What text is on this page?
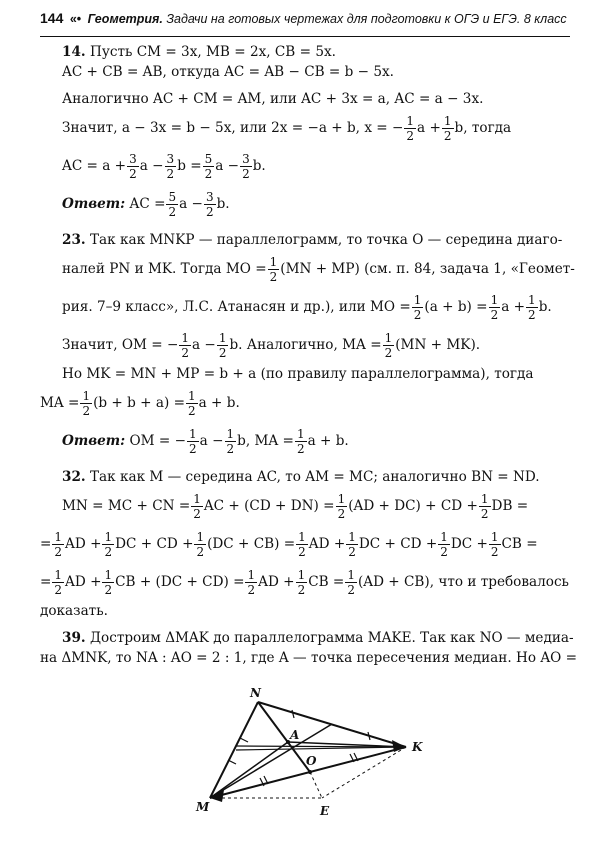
144 «• Геометрия. Задачи на готовых чертежах для подготовки к ОГЭ и ЕГЭ. 8 класс
14. Пусть CM = 3x, MB = 2x, CB = 5x.
AC + CB = AB, откуда AC = AB − CB = b − 5x.
Аналогично AC + CM = AM, или AC + 3x = a, AC = a − 3x.
Значит, a − 3x = b − 5x, или 2x = −a + b, x = − $\frac{1}{2}$ $a + \frac{1}{2} b$, тогда
AC = $a + \frac{3}{2}$ $a - \frac{3}{2}$ $b = \frac{5}{2}$ $a - \frac{3}{2} b$.
Ответ: AC = $\frac{5}{2}$ $a - \frac{3}{2} b$.
23. Так как MNKP — параллелограмм, то точка O — середина диаго-
налей PN и MK. Тогда MO = $\frac{1}{2} (MN + MP)$ (см. п. 84, задача 1, «Геомет-
рия. 7–9 класс», Л.С. Атанасян и др.), или MO = $\frac{1}{2} (a + b) = \frac{1}{2}$ $a + \frac{1}{2} b$.
Значит, OM = − $\frac{1}{2}$ $a - \frac{1}{2} b$. Аналогично, MA = $\frac{1}{2} (MN + MK)$.
Но MK = MN + MP = b + a (по правилу параллелограмма), тогда
MA = $\frac{1}{2} (b + b + a) = \frac{1}{2}$ a + b.
Ответ: OM = − $\frac{1}{2}$ $a - \frac{1}{2} b$, MA = $\frac{1}{2}$ a + b.
32. Так как M — середина AC, то AM = MC; аналогично BN = ND.
MN = MC + CN = $\frac{1}{2}$ AC + $(CD + DN) = \frac{1}{2} (AD + DC)$ + CD + $\frac{1}{2}$ DB =
= $\frac{1}{2}$ AD + $\frac{1}{2}$ DC + CD + $\frac{1}{2} (DC + CB) = \frac{1}{2}$ AD + $\frac{1}{2}$ DC + CD + $\frac{1}{2}$ DC + $\frac{1}{2}$ CB =
= $\frac{1}{2}$ AD + $\frac{1}{2}$ CB + $(DC + CD) = \frac{1}{2}$ AD + $\frac{1}{2}$ CB = $\frac{1}{2} (AD + CB)$, что и требовалось
доказать.
39. Достроим ΔMAK до параллелограмма MAKE. Так как NO — медиа-
на ΔMNK, то NA : AO = 2 : 1, где A — точка пересечения медиан. Но AO =
N
A
K
O
M	E
